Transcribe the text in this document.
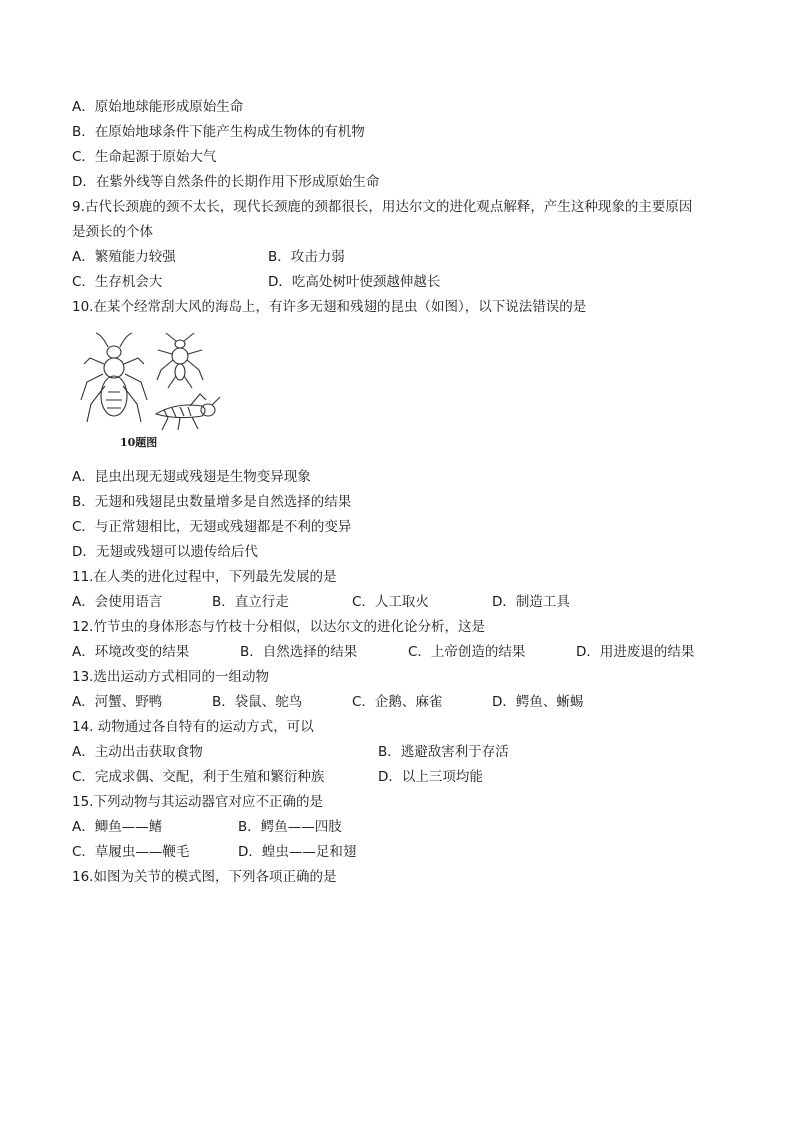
A．原始地球能形成原始生命
B．在原始地球条件下能产生构成生物体的有机物
C．生命起源于原始大气
D．在紫外线等自然条件的长期作用下形成原始生命
9.古代长颈鹿的颈不太长，现代长颈鹿的颈都很长，用达尔文的进化观点解释，产生这种现象的主要原因
是颈长的个体
A．繁殖能力较强	B．攻击力弱
C．生存机会大	D．吃高处树叶使颈越伸越长
10.在某个经常刮大风的海岛上，有许多无翅和残翅的昆虫（如图），以下说法错误的是
10题图
A．昆虫出现无翅或残翅是生物变异现象
B．无翅和残翅昆虫数量增多是自然选择的结果
C．与正常翅相比，无翅或残翅都是不利的变异
D．无翅或残翅可以遗传给后代
11.在人类的进化过程中，下列最先发展的是
A．会使用语言	B．直立行走	C．人工取火	D．制造工具
12.竹节虫的身体形态与竹枝十分相似，以达尔文的进化论分析，这是
A．环境改变的结果	B．自然选择的结果	C．上帝创造的结果	D．用进废退的结果
13.选出运动方式相同的一组动物
A．河蟹、野鸭	B．袋鼠、鸵鸟	C．企鹅、麻雀	D．鳄鱼、蜥蜴
14. 动物通过各自特有的运动方式，可以
A．主动出击获取食物	B．逃避敌害利于存活
C．完成求偶、交配，利于生殖和繁衍种族	D．以上三项均能
15.下列动物与其运动器官对应不正确的是
A．鲫鱼——鳍	B．鳄鱼——四肢
C．草履虫——鞭毛	D．蝗虫——足和翅
16.如图为关节的模式图，下列各项正确的是
